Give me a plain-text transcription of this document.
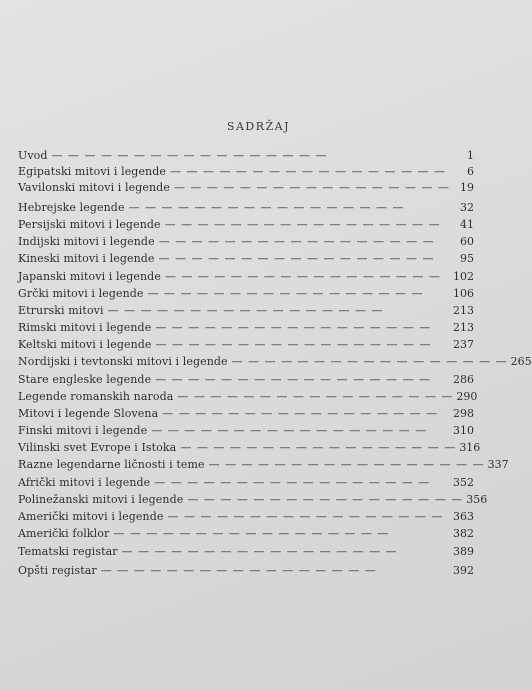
SADRŽAJ
Uvod — — — — — — — — — — — — — — — — —	1
Egipatski mitovi i legende — — — — — — — — — — — — — — — — —	6
Vavilonski mitovi i legende — — — — — — — — — — — — — — — — — 19
Hebrejske legende — — — — — — — — — — — — — — — — —	32
Persijski mitovi i legende — — — — — — — — — — — — — — — — —	41
Indijski mitovi i legende — — — — — — — — — — — — — — — — —	60
Kineski mitovi i legende — — — — — — — — — — — — — — — — —	95
Japanski mitovi i legende — — — — — — — — — — — — — — — — —	102
Grčki mitovi i legende — — — — — — — — — — — — — — — — —	106
Etrurski mitovi — — — — — — — — — — — — — — — — —	213
Rimski mitovi i legende — — — — — — — — — — — — — — — — —	213
Keltski mitovi i legende — — — — — — — — — — — — — — — — —	237
Nordijski i tevtonski mitovi i legende — — — — — — — — — — — — — — — — — 265
Stare engleske legende — — — — — — — — — — — — — — — — —	286
Legende romanskih naroda — — — — — — — — — — — — — — — — — 290
Mitovi i legende Slovena — — — — — — — — — — — — — — — — —	298
Finski mitovi i legende — — — — — — — — — — — — — — — — —	310
Vilinski svet Evrope i Istoka — — — — — — — — — — — — — — — — — 316
Razne legendarne ličnosti i teme — — — — — — — — — — — — — — — — — 337
Afrički mitovi i legende — — — — — — — — — — — — — — — — —	352
Polinežanski mitovi i legende — — — — — — — — — — — — — — — — — 356
Američki mitovi i legende — — — — — — — — — — — — — — — — — 363
Američki folklor — — — — — — — — — — — — — — — — —	382
Tematski registar — — — — — — — — — — — — — — — — —	389
Opšti registar — — — — — — — — — — — — — — — — —	392
